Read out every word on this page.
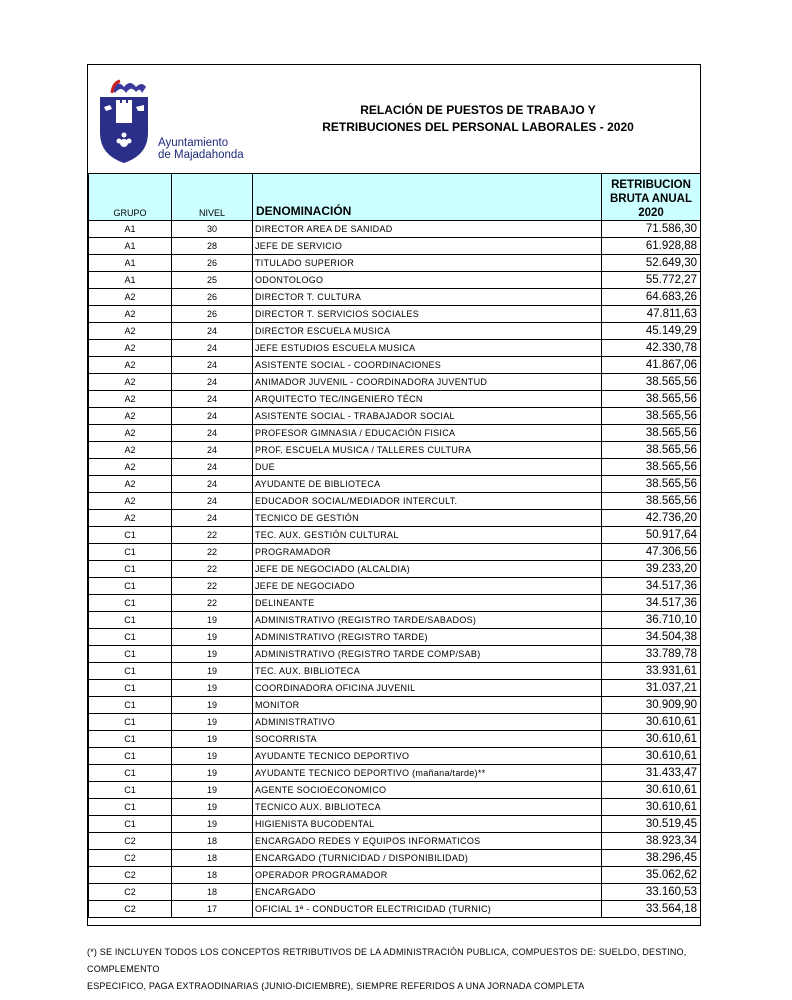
Ayuntamiento
de Majadahonda
RELACIÓN DE PUESTOS DE TRABAJO Y
RETRIBUCIONES DEL PERSONAL LABORALES - 2020
GRUPO	NIVEL	DENOMINACIÓN	RETRIBUCION
BRUTA ANUAL
2020

A1	30	DIRECTOR AREA DE SANIDAD	71.586,30
A1	28	JEFE DE SERVICIO	61.928,88
A1	26	TITULADO SUPERIOR	52.649,30
A1	25	ODONTOLOGO	55.772,27
A2	26	DIRECTOR T. CULTURA	64.683,26
A2	26	DIRECTOR T. SERVICIOS SOCIALES	47.811,63
A2	24	DIRECTOR ESCUELA MUSICA	45.149,29
A2	24	JEFE ESTUDIOS ESCUELA MUSICA	42.330,78
A2	24	ASISTENTE SOCIAL - COORDINACIONES	41.867,06
A2	24	ANIMADOR JUVENIL - COORDINADORA JUVENTUD	38.565,56
A2	24	ARQUITECTO TEC/INGENIERO TÉCN	38.565,56
A2	24	ASISTENTE SOCIAL - TRABAJADOR SOCIAL	38.565,56
A2	24	PROFESOR GIMNASIA / EDUCACIÓN FISICA	38.565,56
A2	24	PROF. ESCUELA MUSICA / TALLERES CULTURA	38.565,56
A2	24	DUE	38.565,56
A2	24	AYUDANTE DE BIBLIOTECA	38.565,56
A2	24	EDUCADOR SOCIAL/MEDIADOR INTERCULT.	38.565,56
A2	24	TECNICO DE GESTIÓN	42.736,20
C1	22	TEC. AUX. GESTIÓN CULTURAL	50.917,64
C1	22	PROGRAMADOR	47.306,56
C1	22	JEFE DE NEGOCIADO (ALCALDIA)	39.233,20
C1	22	JEFE DE NEGOCIADO	34.517,36
C1	22	DELINEANTE	34.517,36
C1	19	ADMINISTRATIVO (REGISTRO TARDE/SABADOS)	36.710,10
C1	19	ADMINISTRATIVO (REGISTRO TARDE)	34.504,38
C1	19	ADMINISTRATIVO (REGISTRO TARDE COMP/SAB)	33.789,78
C1	19	TEC. AUX. BIBLIOTECA	33.931,61
C1	19	COORDINADORA OFICINA JUVENIL	31.037,21
C1	19	MONITOR	30.909,90
C1	19	ADMINISTRATIVO	30.610,61
C1	19	SOCORRISTA	30.610,61
C1	19	AYUDANTE TECNICO DEPORTIVO	30.610,61
C1	19	AYUDANTE TECNICO DEPORTIVO (mañana/tarde)**	31.433,47
C1	19	AGENTE SOCIOECONOMICO	30.610,61
C1	19	TECNICO AUX. BIBLIOTECA	30.610,61
C1	19	HIGIENISTA BUCODENTAL	30.519,45
C2	18	ENCARGADO REDES Y EQUIPOS INFORMATICOS	38.923,34
C2	18	ENCARGADO (TURNICIDAD / DISPONIBILIDAD)	38.296,45
C2	18	OPERADOR PROGRAMADOR	35.062,62
C2	18	ENCARGADO	33.160,53
C2	17	OFICIAL 1ª - CONDUCTOR ELECTRICIDAD (TURNIC)	33.564,18
(*) SE INCLUYEN TODOS LOS CONCEPTOS RETRIBUTIVOS DE LA ADMINISTRACIÓN PUBLICA, COMPUESTOS DE: SUELDO, DESTINO, COMPLEMENTO
ESPECIFICO, PAGA EXTRAODINARIAS (JUNIO-DICIEMBRE), SIEMPRE REFERIDOS A UNA JORNADA COMPLETA
